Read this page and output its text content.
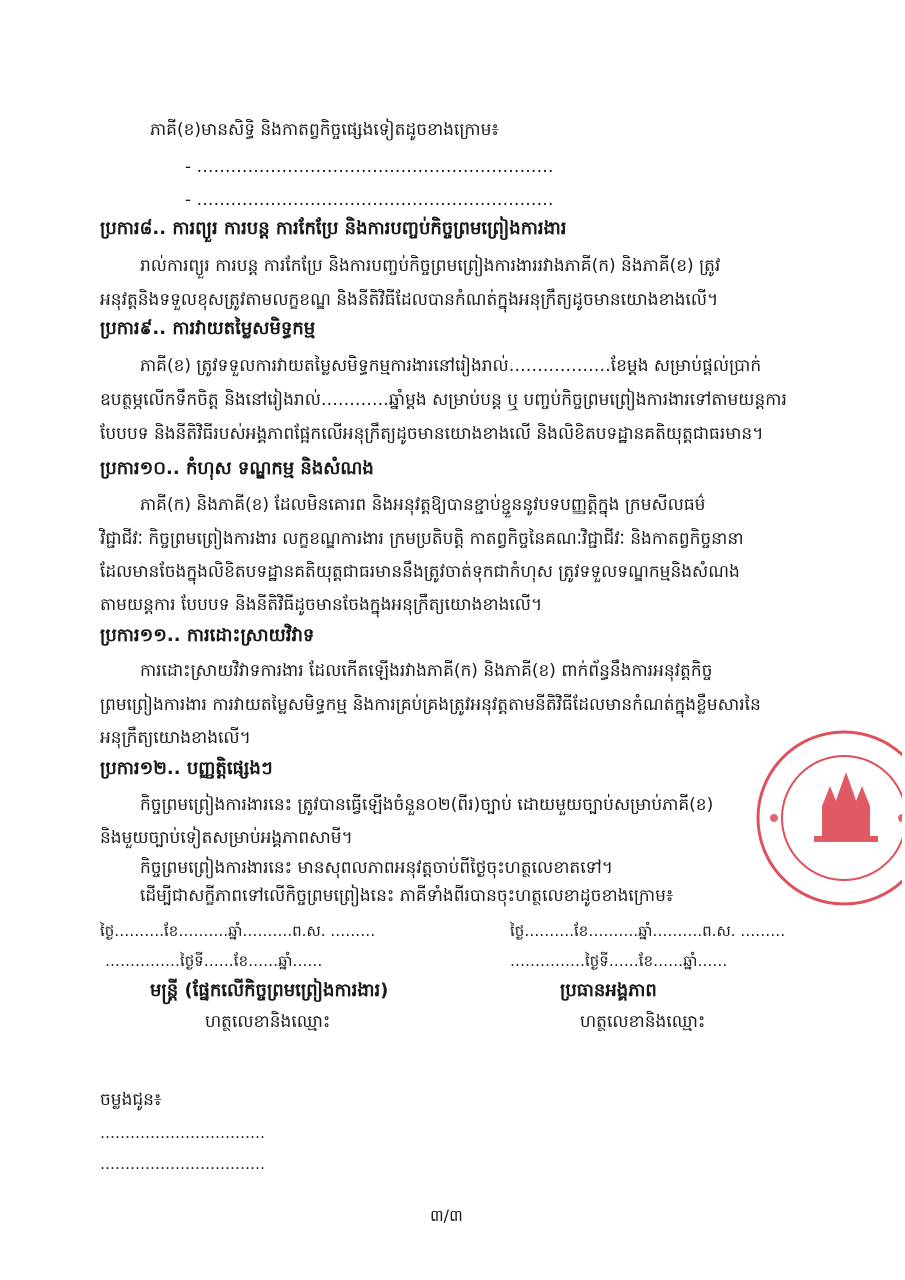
ភាគី(ខ)មានសិទ្ធិ និងកាតព្វកិច្ចផ្សេងទៀតដូចខាងក្រោម៖
- ………………………………………………………
- ………………………………………………………
ប្រការ៨.. ការព្យួរ ការបន្ត ការកែប្រែ និងការបញ្ចប់កិច្ចព្រមព្រៀងការងារ
រាល់ការព្យួរ ការបន្ត ការកែប្រែ និងការបញ្ចប់កិច្ចព្រមព្រៀងការងាររវាងភាគី(ក) និងភាគី(ខ) ត្រូវ
អនុវត្តនិងទទួលខុសត្រូវតាមលក្ខខណ្ឌ និងនីតិវិធីដែលបានកំណត់ក្នុងអនុក្រឹត្យដូចមានយោងខាងលើ។
ប្រការ៩.. ការវាយតម្លៃសមិទ្ធកម្ម
ភាគី(ខ) ត្រូវទទួលការវាយតម្លៃសមិទ្ធកម្មការងារនៅរៀងរាល់………………ខែម្តង សម្រាប់ផ្តល់ប្រាក់
ឧបត្ថម្ភលើកទឹកចិត្ត និងនៅរៀងរាល់…………ឆ្នាំម្តង សម្រាប់បន្ត ឬ បញ្ចប់កិច្ចព្រមព្រៀងការងារទៅតាមយន្តការ
បែបបទ និងនីតិវិធីរបស់អង្គភាពផ្អែកលើអនុក្រឹត្យដូចមានយោងខាងលើ និងលិខិតបទដ្ឋានគតិយុត្តជាធរមាន។
ប្រការ១០.. កំហុស ទណ្ឌកម្ម និងសំណង
ភាគី(ក) និងភាគី(ខ) ដែលមិនគោរព និងអនុវត្តឱ្យបានខ្ជាប់ខ្ជួននូវបទបញ្ញត្តិក្នុង ក្រមសីលធម៌
វិជ្ជាជីវៈ កិច្ចព្រមព្រៀងការងារ លក្ខខណ្ឌការងារ ក្រមប្រតិបត្តិ កាតព្វកិច្ចនៃគណៈវិជ្ជាជីវៈ និងកាតព្វកិច្ចនានា
ដែលមានចែងក្នុងលិខិតបទដ្ឋានគតិយុត្តជាធរមាននឹងត្រូវចាត់ទុកជាកំហុស ត្រូវទទួលទណ្ឌកម្មនិងសំណង
តាមយន្តការ បែបបទ និងនីតិវិធីដូចមានចែងក្នុងអនុក្រឹត្យយោងខាងលើ។
ប្រការ១១.. ការដោះស្រាយវិវាទ
ការដោះស្រាយវិវាទការងារ ដែលកើតឡើងរវាងភាគី(ក) និងភាគី(ខ) ពាក់ព័ន្ធនឹងការអនុវត្តកិច្ច
ព្រមព្រៀងការងារ ការវាយតម្លៃសមិទ្ធកម្ម និងការគ្រប់គ្រងត្រូវអនុវត្តតាមនីតិវិធីដែលមានកំណត់ក្នុងខ្លឹមសារនៃ
អនុក្រឹត្យយោងខាងលើ។
ប្រការ១២.. បញ្ញត្តិផ្សេងៗ
កិច្ចព្រមព្រៀងការងារនេះ ត្រូវបានធ្វើឡើងចំនួន០២(ពីរ)ច្បាប់ ដោយមួយច្បាប់សម្រាប់ភាគី(ខ)
និងមួយច្បាប់ទៀតសម្រាប់អង្គភាពសាមី។
កិច្ចព្រមព្រៀងការងារនេះ មានសុពលភាពអនុវត្តចាប់ពីថ្ងៃចុះហត្ថលេខាតទៅ។
ដើម្បីជាសក្ខីភាពទៅលើកិច្ចព្រមព្រៀងនេះ ភាគីទាំងពីរបានចុះហត្ថលេខាដូចខាងក្រោម៖
ថ្ងៃ……….ខែ……….ឆ្នាំ……….ព.ស. ………	ថ្ងៃ……….ខែ……….ឆ្នាំ……….ព.ស. ………
……………ថ្ងៃទី……ខែ……ឆ្នាំ……	……………ថ្ងៃទី……ខែ……ឆ្នាំ……
មន្ត្រី (ផ្នែកលើកិច្ចព្រមព្រៀងការងារ)	ប្រធានអង្គភាព
ហត្ថលេខានិងឈ្មោះ	ហត្ថលេខានិងឈ្មោះ
ចម្លងជូន៖
……………………………
……………………………
៣/៣
